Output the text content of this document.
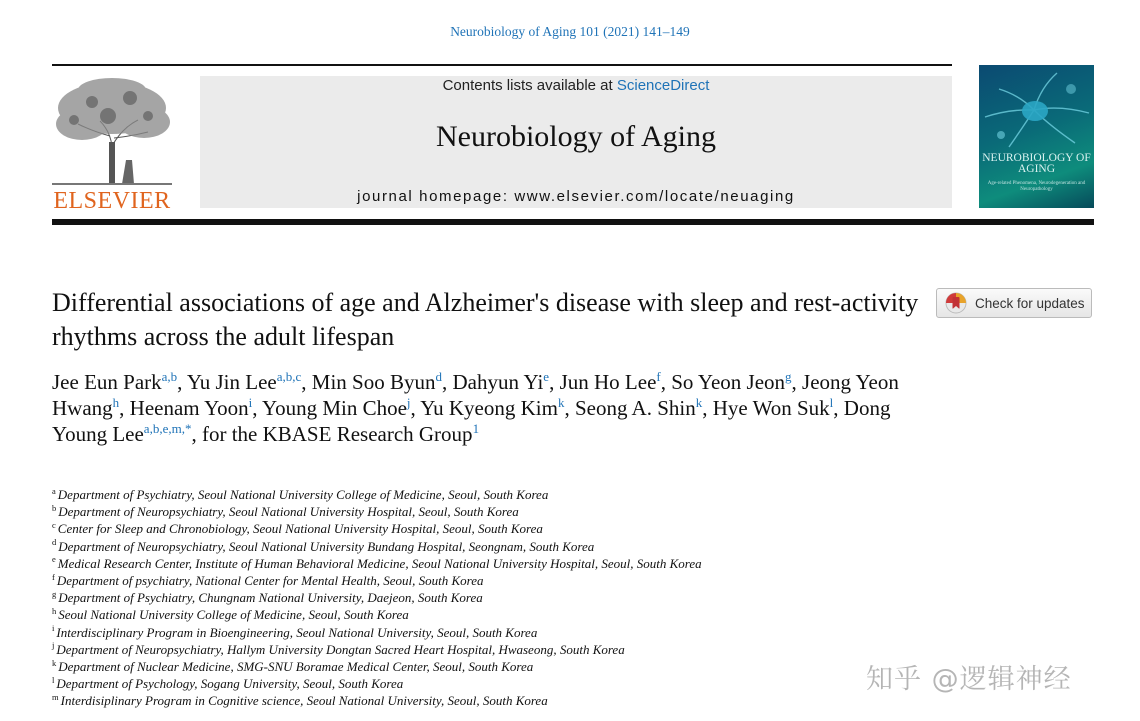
Neurobiology of Aging 101 (2021) 141–149
ELSEVIER
Contents lists available at ScienceDirect
Neurobiology of Aging
journal homepage: www.elsevier.com/locate/neuaging
NEUROBIOLOGY OF AGING
Age-related Phenomena, Neurodegeneration and Neuropathology
Differential associations of age and Alzheimer's disease with sleep and rest-activity rhythms across the adult lifespan
Check for updates
Jee Eun Park$^{a,b}$, Yu Jin Lee$^{a,b,c}$, Min Soo Byun$^d$, Dahyun Yi$^e$, Jun Ho Lee$^f$, So Yeon Jeon$^g$, Jeong Yeon Hwang$^h$, Heenam Yoon$^i$, Young Min Choe$^j$, Yu Kyeong Kim$^k$, Seong A. Shin$^k$, Hye Won Suk$^l$, Dong Young Lee$^{a,b,e,m,*}$, for the KBASE Research Group$^1$
$^a$ Department of Psychiatry, Seoul National University College of Medicine, Seoul, South Korea
$^b$ Department of Neuropsychiatry, Seoul National University Hospital, Seoul, South Korea
$^c$ Center for Sleep and Chronobiology, Seoul National University Hospital, Seoul, South Korea
$^d$ Department of Neuropsychiatry, Seoul National University Bundang Hospital, Seongnam, South Korea
$^e$ Medical Research Center, Institute of Human Behavioral Medicine, Seoul National University Hospital, Seoul, South Korea
$^f$ Department of psychiatry, National Center for Mental Health, Seoul, South Korea
$^g$ Department of Psychiatry, Chungnam National University, Daejeon, South Korea
$^h$ Seoul National University College of Medicine, Seoul, South Korea
$^i$ Interdisciplinary Program in Bioengineering, Seoul National University, Seoul, South Korea
$^j$ Department of Neuropsychiatry, Hallym University Dongtan Sacred Heart Hospital, Hwaseong, South Korea
$^k$ Department of Nuclear Medicine, SMG-SNU Boramae Medical Center, Seoul, South Korea
$^l$ Department of Psychology, Sogang University, Seoul, South Korea
$^m$ Interdisiplinary Program in Cognitive science, Seoul National University, Seoul, South Korea
知乎 @逻辑神经
